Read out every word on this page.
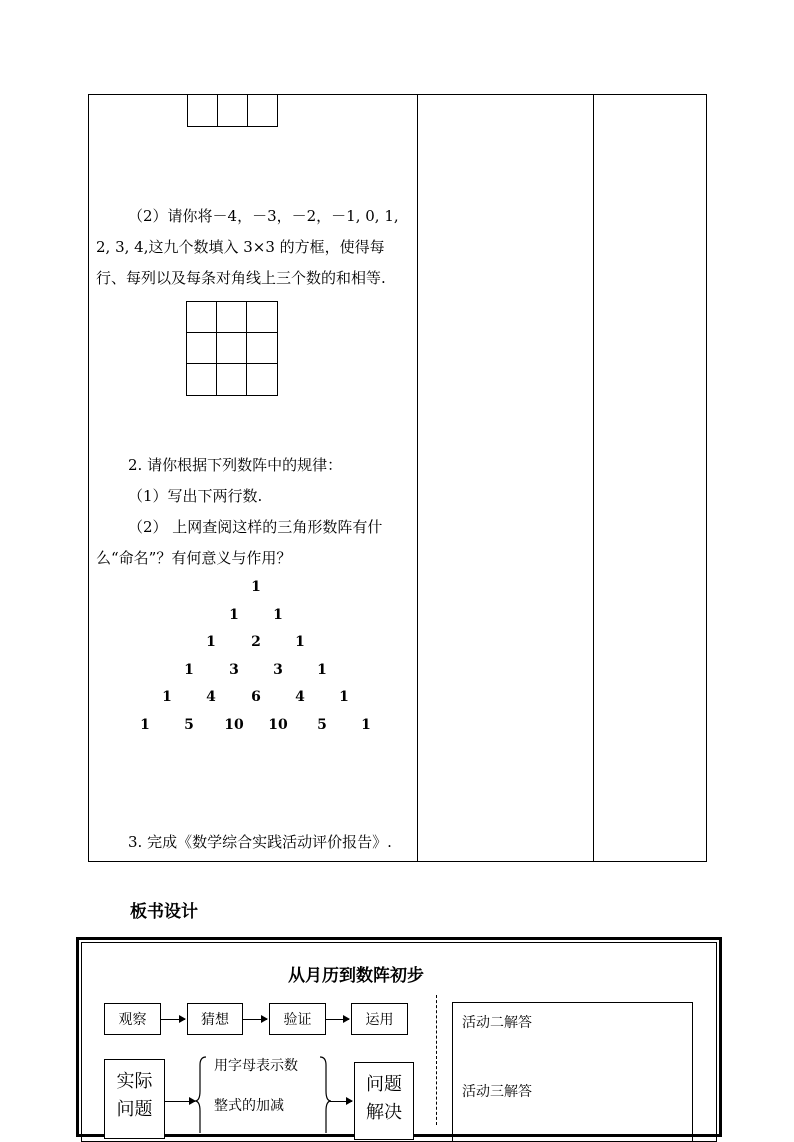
（2）请你将－4，－3，－2，－1, 0, 1,
2, 3, 4,这九个数填入 3×3 的方框，使得每
行、每列以及每条对角线上三个数的和相等.
2. 请你根据下列数阵中的规律：
（1）写出下两行数.
（2） 上网查阅这样的三角形数阵有什
么“命名”？有何意义与作用？
1
1	1
1	2	1
1	3	3	1
1	4	6	4	1
1	5	10	10	5	1
3. 完成《数学综合实践活动评价报告》.
板书设计
从月历到数阵初步
观察	猜想	验证	运用
实际问题
用字母表示数
整式的加减
问题解决
活动二解答
活动三解答
